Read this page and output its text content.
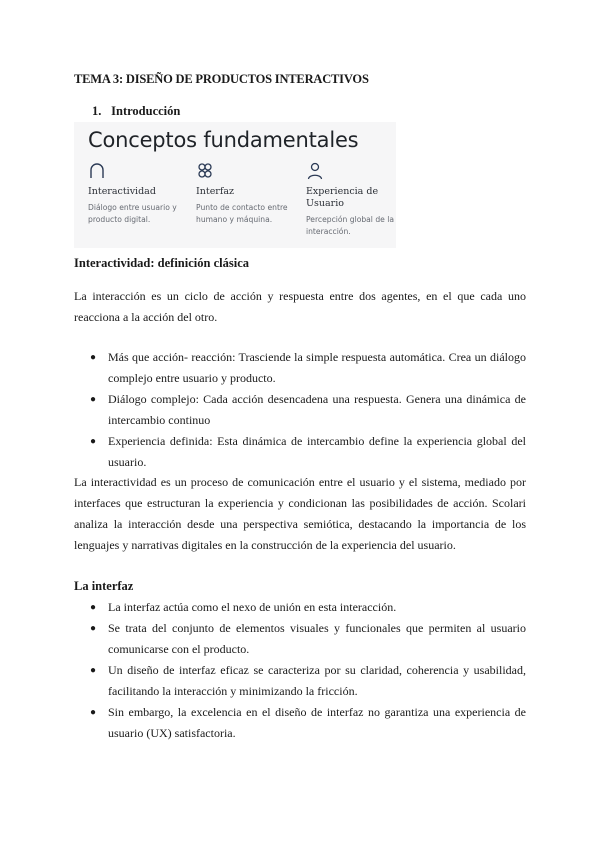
TEMA 3: DISEÑO DE PRODUCTOS INTERACTIVOS
1. Introducción
Conceptos fundamentales
Interactividad
Diálogo entre usuario y producto digital.
Interfaz
Punto de contacto entre humano y máquina.
Experiencia de Usuario
Percepción global de la interacción.
Interactividad: definición clásica

La interacción es un ciclo de acción y respuesta entre dos agentes, en el que cada uno reacciona a la acción del otro.

● Más que acción- reacción: Trasciende la simple respuesta automática. Crea un diálogo complejo entre usuario y producto.
● Diálogo complejo: Cada acción desencadena una respuesta. Genera una dinámica de intercambio continuo
● Experiencia definida: Esta dinámica de intercambio define la experiencia global del usuario.

La interactividad es un proceso de comunicación entre el usuario y el sistema, mediado por interfaces que estructuran la experiencia y condicionan las posibilidades de acción. Scolari analiza la interacción desde una perspectiva semiótica, destacando la importancia de los lenguajes y narrativas digitales en la construcción de la experiencia del usuario.

La interfaz
● La interfaz actúa como el nexo de unión en esta interacción.
● Se trata del conjunto de elementos visuales y funcionales que permiten al usuario comunicarse con el producto.
● Un diseño de interfaz eficaz se caracteriza por su claridad, coherencia y usabilidad, facilitando la interacción y minimizando la fricción.
● Sin embargo, la excelencia en el diseño de interfaz no garantiza una experiencia de usuario (UX) satisfactoria.
